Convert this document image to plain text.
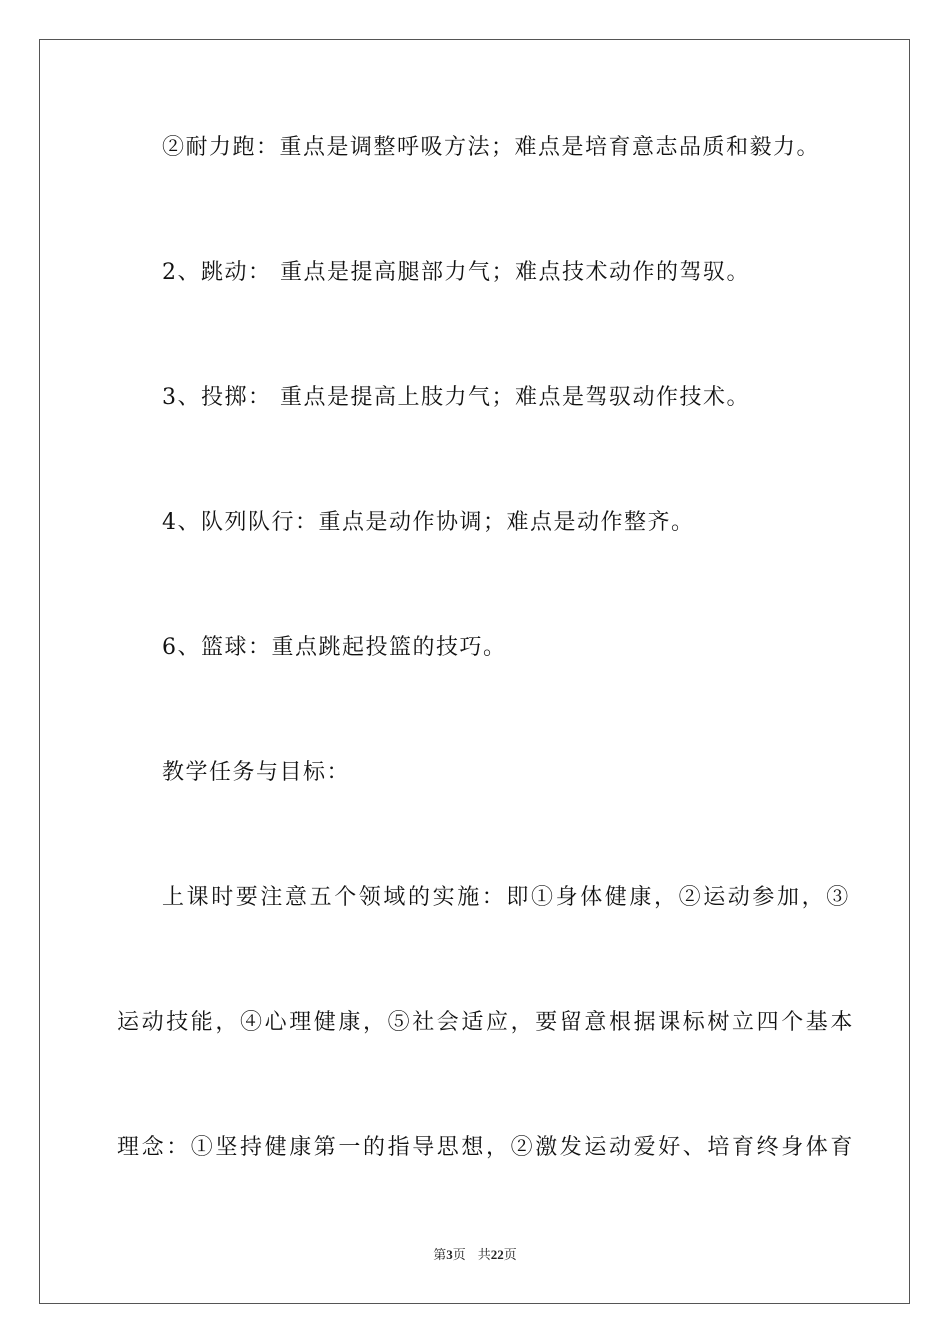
②耐力跑：重点是调整呼吸方法；难点是培育意志品质和毅力。
2、跳动： 重点是提高腿部力气；难点技术动作的驾驭。
3、投掷： 重点是提高上肢力气；难点是驾驭动作技术。
4、队列队行：重点是动作协调；难点是动作整齐。
6、篮球：重点跳起投篮的技巧。
教学任务与目标：
上课时要注意五个领域的实施：即①身体健康，②运动参加，③
运动技能，④心理健康，⑤社会适应，要留意根据课标树立四个基本
理念：①坚持健康第一的指导思想，②激发运动爱好、培育终身体育
第3页 共22页
